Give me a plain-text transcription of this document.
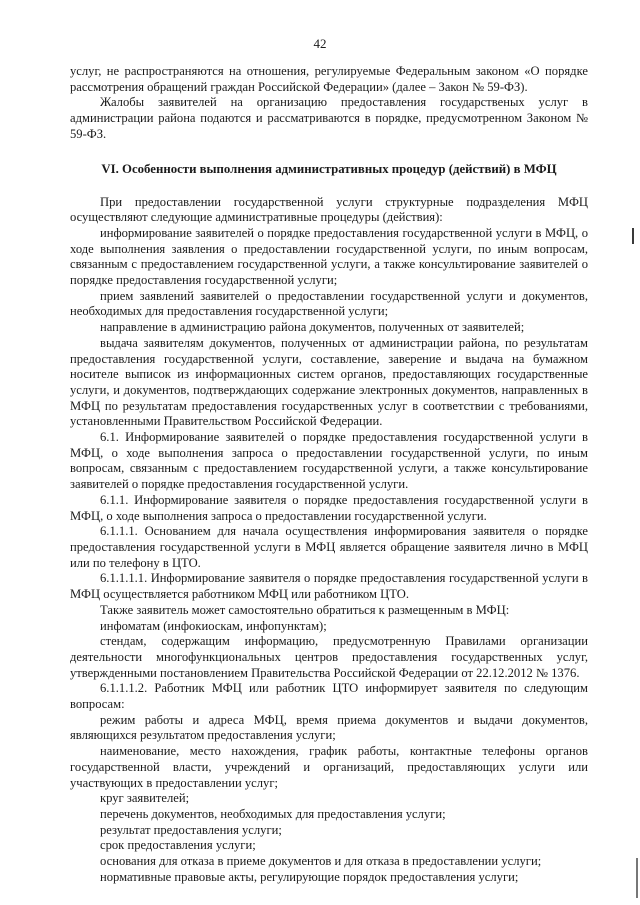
42

услуг, не распространяются на отношения, регулируемые Федеральным законом «О порядке рассмотрения обращений граждан Российской Федерации» (далее – Закон № 59-ФЗ).

Жалобы заявителей на организацию предоставления государственых услуг в администрации района подаются и рассматриваются в порядке, предусмотренном Законом № 59-ФЗ.

VI. Особенности выполнения административных процедур (действий) в МФЦ

При предоставлении государственной услуги структурные подразделения МФЦ осуществляют следующие административные процедуры (действия):

информирование заявителей о порядке предоставления государственной услуги в МФЦ, о ходе выполнения заявления о предоставлении государственной услуги, по иным вопросам, связанным с предоставлением государственной услуги, а также консультирование заявителей о порядке предоставления государственной услуги;

прием заявлений заявителей о предоставлении государственной услуги и документов, необходимых для предоставления государственной услуги;

направление в администрацию района документов, полученных от заявителей;

выдача заявителям документов, полученных от администрации района, по результатам предоставления государственной услуги, составление, заверение и выдача на бумажном носителе выписок из информационных систем органов, предоставляющих государственные услуги, и документов, подтверждающих содержание электронных документов, направленных в МФЦ по результатам предоставления государственных услуг в соответствии с требованиями, установленными Правительством Российской Федерации.

6.1. Информирование заявителей о порядке предоставления государственной услуги в МФЦ, о ходе выполнения запроса о предоставлении государственной услуги, по иным вопросам, связанным с предоставлением государственной услуги, а также консультирование заявителей о порядке предоставления государственной услуги.

6.1.1. Информирование заявителя о порядке предоставления государственной услуги в МФЦ, о ходе выполнения запроса о предоставлении государственной услуги.

6.1.1.1. Основанием для начала осуществления информирования заявителя о порядке предоставления государственной услуги в МФЦ является обращение заявителя лично в МФЦ или по телефону в ЦТО.

6.1.1.1.1. Информирование заявителя о порядке предоставления государственной услуги в МФЦ осуществляется работником МФЦ или работником ЦТО.

Также заявитель может самостоятельно обратиться к размещенным в МФЦ:

инфоматам (инфокиоскам, инфопунктам);

стендам, содержащим информацию, предусмотренную Правилами организации деятельности многофункциональных центров предоставления государственных услуг, утвержденными постановлением Правительства Российской Федерации от 22.12.2012 № 1376.

6.1.1.1.2. Работник МФЦ или работник ЦТО информирует заявителя по следующим вопросам:

режим работы и адреса МФЦ, время приема документов и выдачи документов, являющихся результатом предоставления услуги;

наименование, место нахождения, график работы, контактные телефоны органов государственной власти, учреждений и организаций, предоставляющих услуги или участвующих в предоставлении услуг;

круг заявителей;

перечень документов, необходимых для предоставления услуги;

результат предоставления услуги;

срок предоставления услуги;

основания для отказа в приеме документов и для отказа в предоставлении услуги;

нормативные правовые акты, регулирующие порядок предоставления услуги;
